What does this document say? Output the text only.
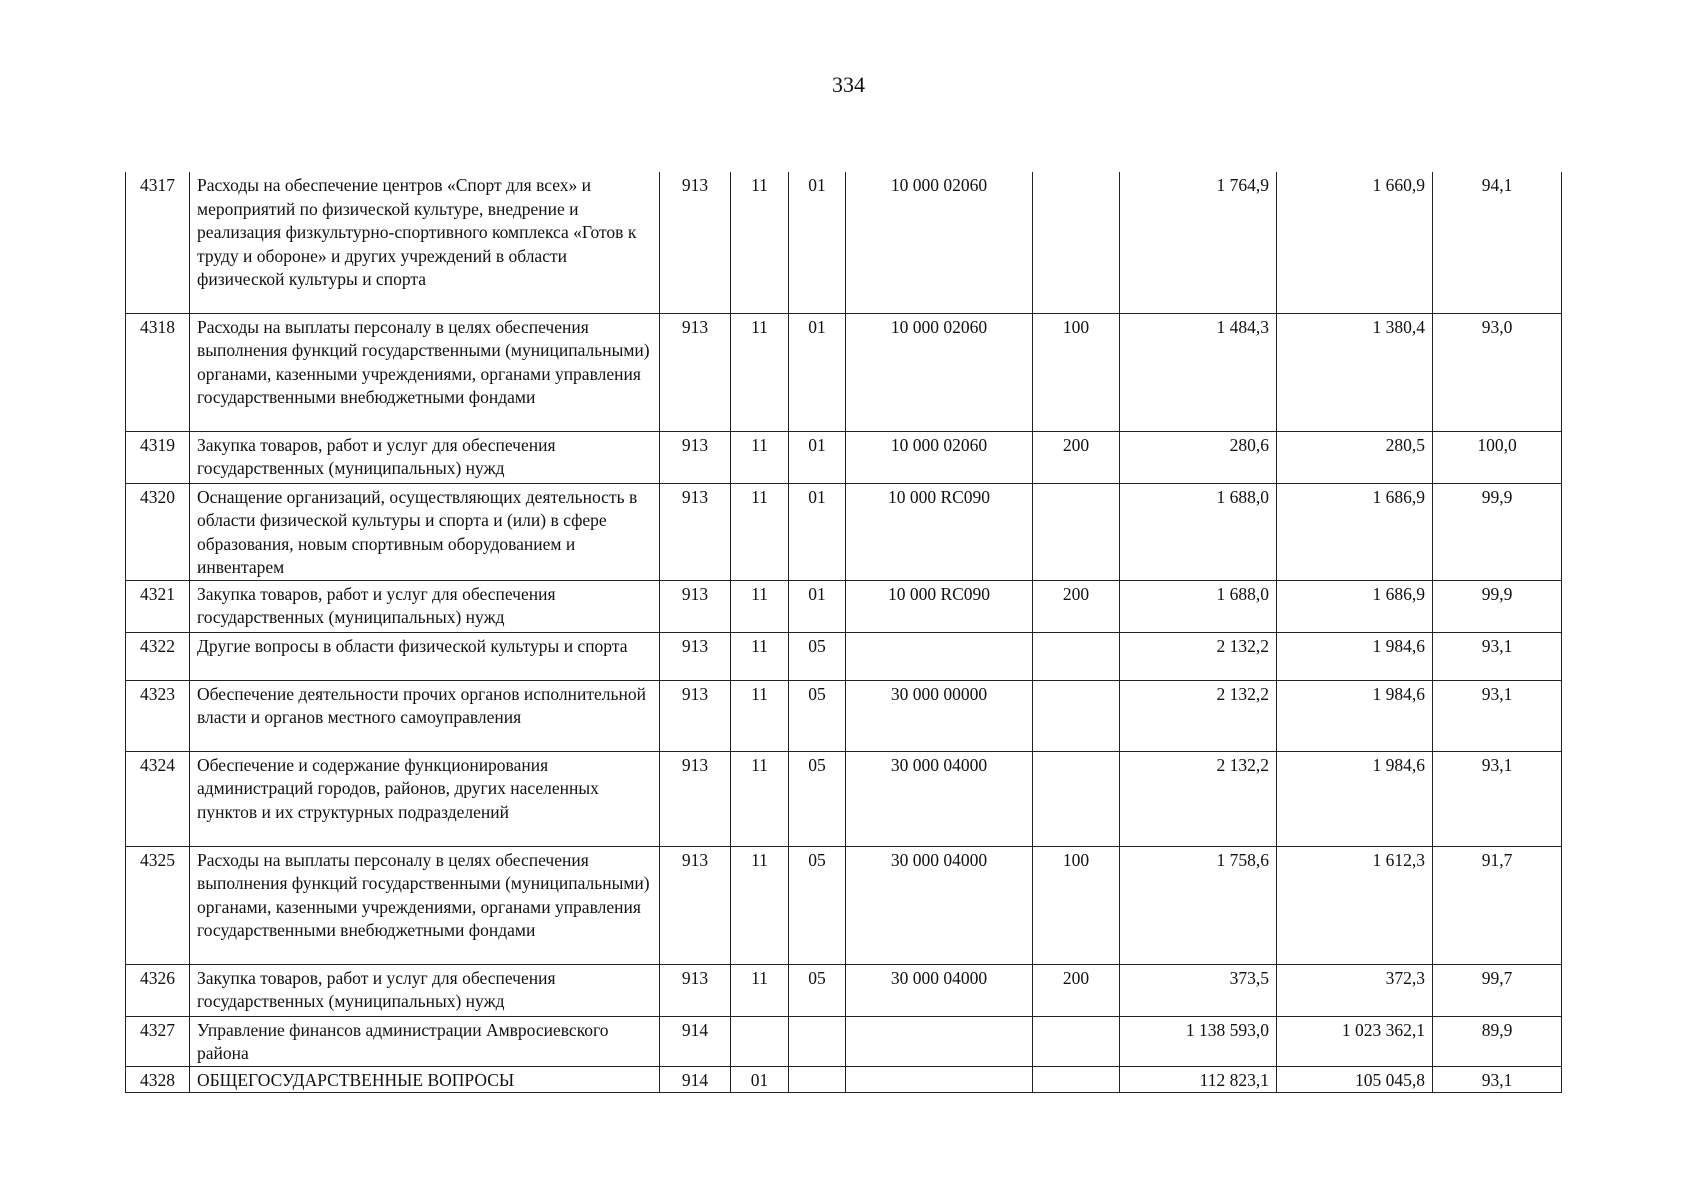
334
4317	Расходы на обеспечение центров «Спорт для всех» и мероприятий по физической культуре, внедрение и реализация физкультурно-спортивного комплекса «Готов к труду и обороне» и других учреждений в области физической культуры и спорта	913	11	01	10 000 02060		1 764,9	1 660,9	94,1
4318	Расходы на выплаты персоналу в целях обеспечения выполнения функций государственными (муниципальными) органами, казенными учреждениями, органами управления государственными внебюджетными фондами	913	11	01	10 000 02060	100	1 484,3	1 380,4	93,0
4319	Закупка товаров, работ и услуг для обеспечения государственных (муниципальных) нужд	913	11	01	10 000 02060	200	280,6	280,5	100,0
4320	Оснащение организаций, осуществляющих деятельность в области физической культуры и спорта и (или) в сфере образования, новым спортивным оборудованием и инвентарем	913	11	01	10 000 RC090		1 688,0	1 686,9	99,9
4321	Закупка товаров, работ и услуг для обеспечения государственных (муниципальных) нужд	913	11	01	10 000 RC090	200	1 688,0	1 686,9	99,9
4322	Другие вопросы в области физической культуры и спорта	913	11	05			2 132,2	1 984,6	93,1
4323	Обеспечение деятельности прочих органов исполнительной власти и органов местного самоуправления	913	11	05	30 000 00000		2 132,2	1 984,6	93,1
4324	Обеспечение и содержание функционирования администраций городов, районов, других населенных пунктов и их структурных подразделений	913	11	05	30 000 04000		2 132,2	1 984,6	93,1
4325	Расходы на выплаты персоналу в целях обеспечения выполнения функций государственными (муниципальными) органами, казенными учреждениями, органами управления государственными внебюджетными фондами	913	11	05	30 000 04000	100	1 758,6	1 612,3	91,7
4326	Закупка товаров, работ и услуг для обеспечения государственных (муниципальных) нужд	913	11	05	30 000 04000	200	373,5	372,3	99,7
4327	Управление финансов администрации Амвросиевского района	914					1 138 593,0	1 023 362,1	89,9
4328	ОБЩЕГОСУДАРСТВЕННЫЕ ВОПРОСЫ	914	01				112 823,1	105 045,8	93,1
